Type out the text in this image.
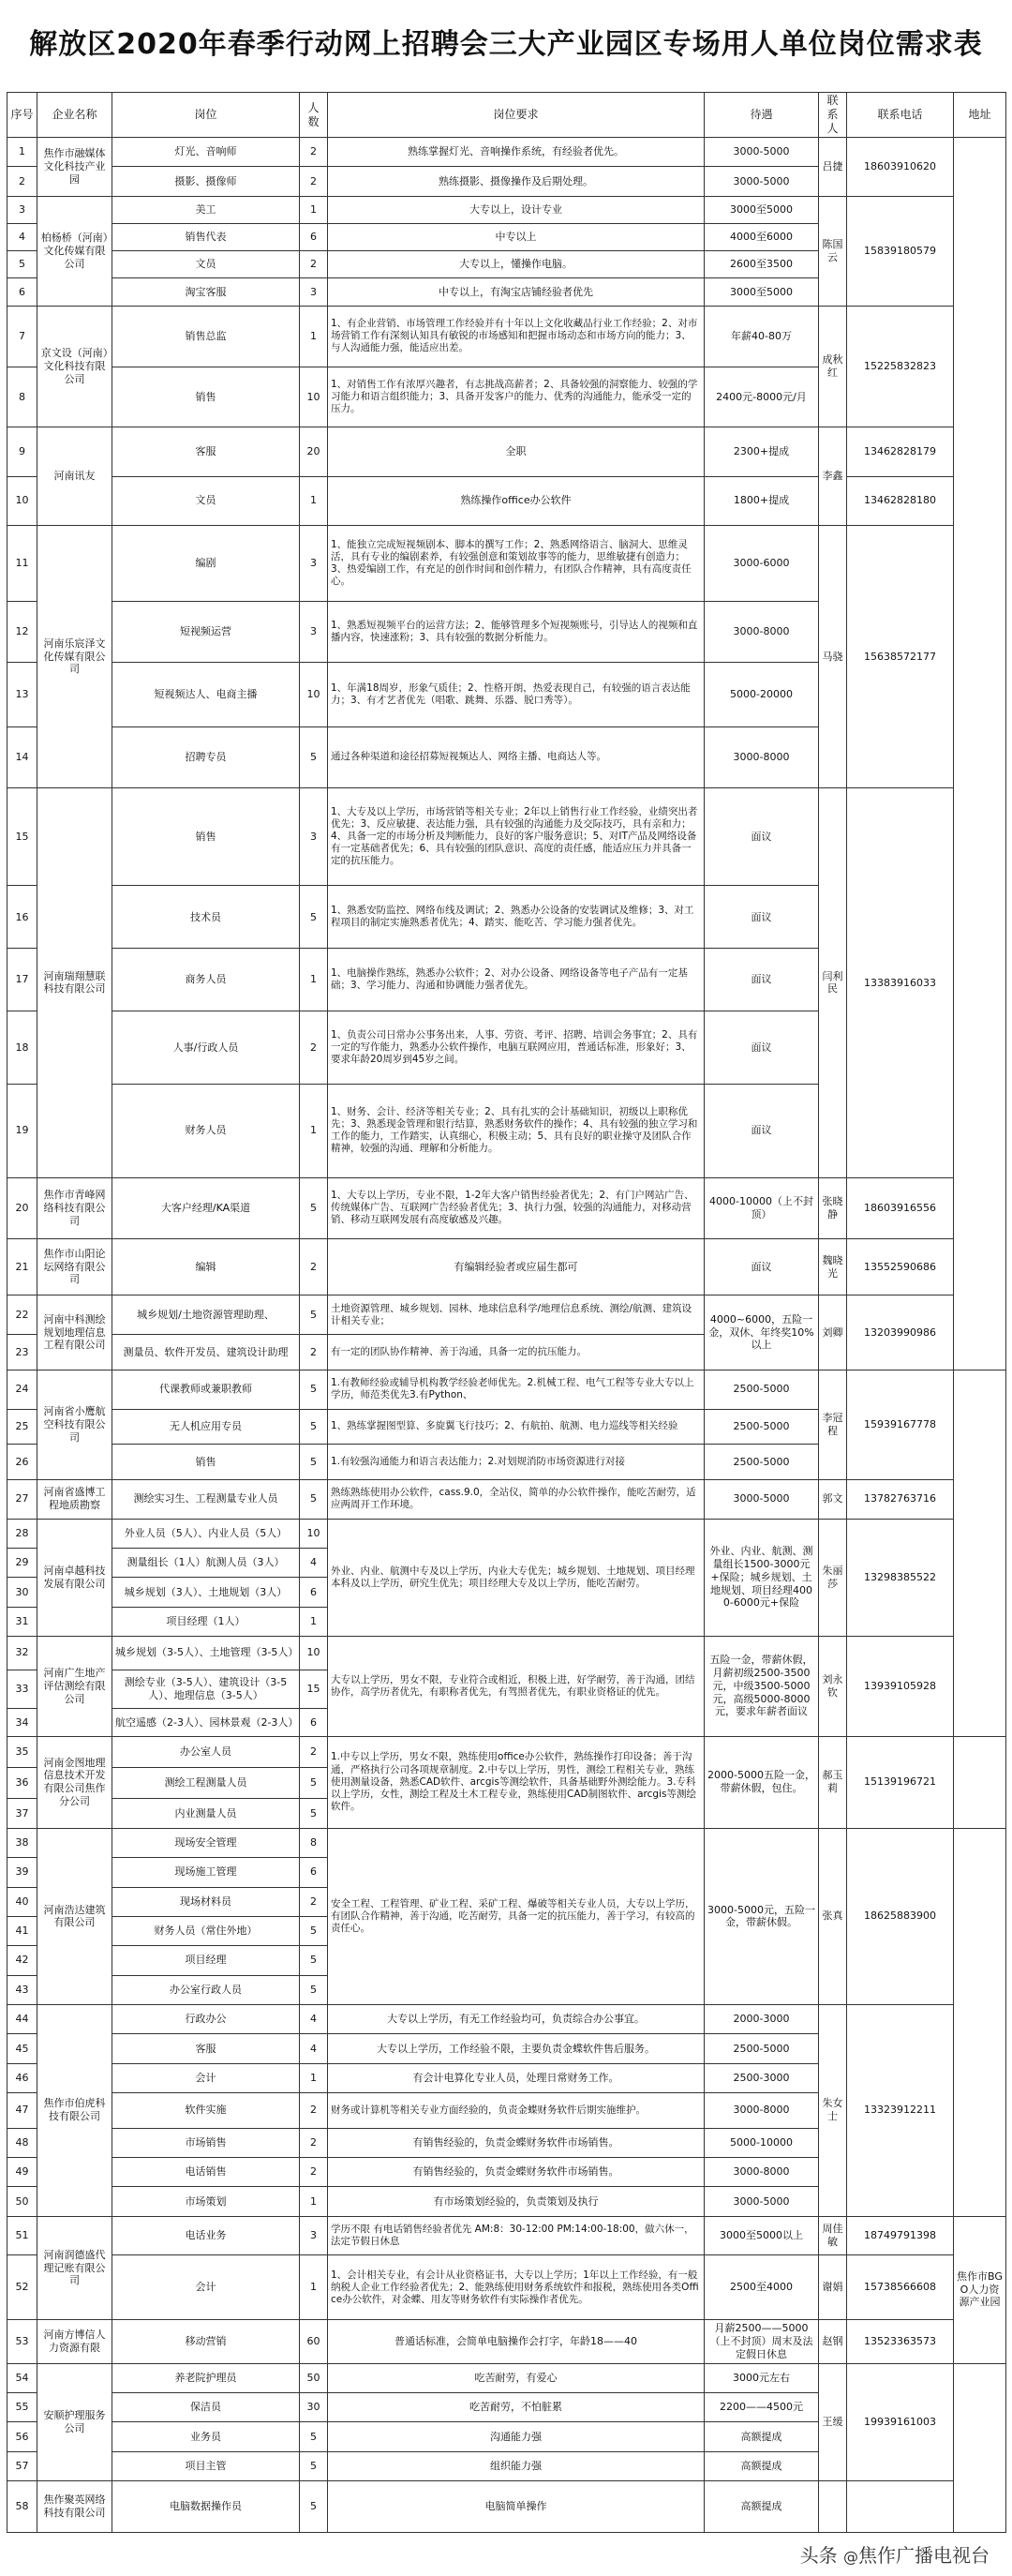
解放区2020年春季行动网上招聘会三大产业园区专场用人单位岗位需求表
序号	企业名称	岗位	人数	岗位要求	待遇	联系人	联系电话	地址	
1	焦作市融媒体文化科技产业园	灯光、音响师	2	熟练掌握灯光、音响操作系统，有经验者优先。	3000-5000	吕捷	18603910620		
2		摄影、摄像师	2	熟练摄影、摄像操作及后期处理。	3000-5000				
3	柏杨桥（河南）文化传媒有限公司	美工	1	大专以上，设计专业	3000至5000	陈国云	15839180579		
4		销售代表	6	中专以上	4000至6000				
5		文员	2	大专以上，懂操作电脑。	2600至3500				
6		淘宝客服	3	中专以上，有淘宝店铺经验者优先	3000至5000				
7	京文设（河南）文化科技有限公司	销售总监	1	1、有企业营销、市场管理工作经验并有十年以上文化收藏品行业工作经验；2、对市场营销工作有深刻认知具有敏锐的市场感知和把握市场动态和市场方向的能力；3、与人沟通能力强，能适应出差。	年薪40-80万	成秋红	15225832823		
8		销售	10	1、对销售工作有浓厚兴趣者，有志挑战高薪者；2、具备较强的洞察能力、较强的学习能力和语言组织能力；3、具备开发客户的能力、优秀的沟通能力，能承受一定的压力。	2400元-8000元/月				
9	河南讯友	客服	20	全职	2300+提成	李鑫	13462828179		
10		文员	1	熟练操作office办公软件	1800+提成		13462828180		
11	河南乐宸泽文化传媒有限公司	编剧	3	1、能独立完成短视频剧本、脚本的撰写工作；2、熟悉网络语言、脑洞大、思维灵活，具有专业的编剧素养，有较强创意和策划故事等的能力，思维敏捷有创造力；3、热爱编剧工作，有充足的创作时间和创作精力，有团队合作精神，具有高度责任心。	3000-6000	马骁	15638572177		
12		短视频运营	3	1、熟悉短视频平台的运营方法；2、能够管理多个短视频账号，引导达人的视频和直播内容，快速涨粉；3、具有较强的数据分析能力。	3000-8000				
13		短视频达人、电商主播	10	1、年满18周岁，形象气质佳；2、性格开朗，热爱表现自己，有较强的语言表达能力；3、有才艺者优先（唱歌、跳舞、乐器、脱口秀等）。	5000-20000				
14		招聘专员	5	通过各种渠道和途径招募短视频达人、网络主播、电商达人等。	3000-8000				
15	河南瑞翔慧联科技有限公司	销售	3	1、大专及以上学历，市场营销等相关专业；2年以上销售行业工作经验，业绩突出者优先；3、反应敏捷、表达能力强，具有较强的沟通能力及交际技巧，具有亲和力；4、具备一定的市场分析及判断能力，良好的客户服务意识；5、对IT产品及网络设备有一定基础者优先；6、具有较强的团队意识、高度的责任感，能适应压力并具备一定的抗压能力。	面议	闫利民	13383916033		
16		技术员	5	1、熟悉安防监控、网络布线及调试；2、熟悉办公设备的安装调试及维修；3、对工程项目的制定实施熟悉者优先；4、踏实、能吃苦、学习能力强者优先。	面议				
17		商务人员	1	1、电脑操作熟练，熟悉办公软件；2、对办公设备、网络设备等电子产品有一定基础；3、学习能力、沟通和协调能力强者优先。	面议				
18		人事/行政人员	2	1、负责公司日常办公事务出来，人事、劳资、考评、招聘、培训会务事宜；2、具有一定的写作能力，熟悉办公软件操作，电脑互联网应用，普通话标准，形象好；3、要求年龄20周岁到45岁之间。	面议				
19		财务人员	1	1、财务、会计、经济等相关专业；2、具有扎实的会计基础知识，初级以上职称优先；3、熟悉现金管理和银行结算，熟悉财务软件的操作；4、具有较强的独立学习和工作的能力，工作踏实，认真细心，积极主动；5、具有良好的职业操守及团队合作精神，较强的沟通、理解和分析能力。	面议				
20	焦作市青峰网络科技有限公司	大客户经理/KA渠道	5	1、大专以上学历，专业不限，1-2年大客户销售经验者优先；2、有门户网站广告、传统媒体广告、互联网广告经验者优先；3、执行力强，较强的沟通能力，对移动营销、移动互联网发展有高度敏感及兴趣。	4000-10000（上不封顶）	张晓静	18603916556		
21	焦作市山阳论坛网络有限公司	编辑	2	有编辑经验者或应届生都可	面议	魏晓光	13552590686		
22	河南中科测绘规划地理信息工程有限公司	城乡规划/土地资源管理助理、	5	土地资源管理、城乡规划、园林、地球信息科学/地理信息系统、测绘/航测、建筑设计相关专业；	4000~6000，五险一金，双休、年终奖10%以上	刘卿	13203990986		
23		测量员、软件开发员、建筑设计助理	2	有一定的团队协作精神、善于沟通，具备一定的抗压能力。					
24	河南省小鹰航空科技有限公司	代课教师或兼职教师	5	1.有教师经验或辅导机构教学经验老师优先。2.机械工程、电气工程等专业大专以上学历，师范类优先3.有Python、	2500-5000	李冠程	15939167778		
25		无人机应用专员	5	1、熟练掌握图型算、多旋翼飞行技巧；2、有航拍、航测、电力巡线等相关经验	2500-5000				
26		销售	5	1.有较强沟通能力和语言表达能力；2.对划规消防市场资源进行对接	2500-5000				
27	河南省盛博工程地质勘察	测绘实习生、工程测量专业人员	5	熟练熟练使用办公软件，cass.9.0，全站仪，简单的办公软件操作，能吃苦耐劳，适应两周开工作环境。	3000-5000	郭文	13782763716		
28	河南卓越科技发展有限公司	外业人员（5人）、内业人员（5人）	10	外业、内业、航测中专及以上学历，内业大专优先；城乡规划、土地规划、项目经理本科及以上学历，研究生优先；项目经理大专及以上学历，能吃苦耐劳。	外业、内业、航测、测量组长1500-3000元+保险；城乡规划、土地规划、项目经理4000-6000元+保险	朱丽莎	13298385522		
29		测量组长（1人）航测人员（3人）	4						
30		城乡规划（3人）、土地规划（3人）	6						
31		项目经理（1人）	1						
32	河南广生地产评估测绘有限公司	城乡规划（3-5人）、土地管理（3-5人）	10	大专以上学历，男女不限，专业符合或相近，积极上进，好学耐劳，善于沟通，团结协作，高学历者优先，有职称者优先，有驾照者优先，有职业资格证的优先。	五险一金，带薪休假，月薪初级2500-3500元，中级3500-5000元，高级5000-8000元，要求年薪者面议	刘永钦	13939105928	
33		测绘专业（3-5人）、建筑设计（3-5人）、地理信息（3-5人）	15						
34		航空遥感（2-3人）、园林景观（2-3人）	6						
35	河南金图地理信息技术开发有限公司焦作分公司	办公室人员	2	1.中专以上学历，男女不限，熟练使用office办公软件，熟练操作打印设备；善于沟通，严格执行公司各项规章制度。2.中专以上学历，男性，测绘工程相关专业，熟练使用测量设备，熟悉CAD软件、arcgis等测绘软件，具备基础野外测绘能力。3.专科以上学历，女性，测绘工程及土木工程专业，熟练使用CAD制图软件、arcgis等测绘软件。	2000-5000五险一金，带薪休假，包住。	郝玉莉	15139196721		
36		测绘工程测量人员	5						
37		内业测量人员	5						
38	河南浩达建筑有限公司	现场安全管理	8	安全工程、工程管理、矿业工程、采矿工程、爆破等相关专业人员，大专以上学历，有团队合作精神，善于沟通，吃苦耐劳，具备一定的抗压能力，善于学习，有较高的责任心。	3000-5000元，五险一金，带薪休假。	张真	18625883900		
39		现场施工管理	6						
40		现场材料员	2						
41		财务人员（常住外地）	5						
42		项目经理	5						
43		办公室行政人员	5						
44	焦作市伯虎科技有限公司	行政办公	4	大专以上学历，有无工作经验均可，负责综合办公事宜。	2000-3000	朱女士	13323912211		
45		客服	4	大专以上学历，工作经验不限，主要负责金蝶软件售后服务。	2500-5000				
46		会计	1	有会计电算化专业人员，处理日常财务工作。	2500-3000				
47		软件实施	2	财务或计算机等相关专业方面经验的，负责金蝶财务软件后期实施维护。	3000-8000				
48		市场销售	2	有销售经验的，负责金蝶财务软件市场销售。	5000-10000				
49		电话销售	2	有销售经验的，负责金蝶财务软件市场销售。	3000-8000				
50		市场策划	1	有市场策划经验的，负责策划及执行	3000-5000				
51	河南润德盛代理记账有限公司	电话业务	3	学历不限 有电话销售经验者优先 AM:8：30-12:00 PM:14:00-18:00，做六休一，法定节假日休息	3000至5000以上	周佳敏	18749791398	焦作市BGO人力资源产业园	
52		会计	1	1、会计相关专业，有会计从业资格证书，大专以上学历；1年以上工作经验，有一般纳税人企业工作经验者优先；2、能熟练使用财务系统软件和报税，熟练使用各类Office办公软件，对金蝶、用友等财务软件有实际操作者优先。	2500至4000	谢娟	15738566608		
53	河南方博信人力资源有限	移动营销	60	普通话标准，会简单电脑操作会打字，年龄18——40	月薪2500——5000（上不封顶）周末及法定假日休息	赵钢	13523363573		
54	安顺护理服务公司	养老院护理员	50	吃苦耐劳，有爱心	3000元左右	王缓	19939161003		
55		保洁员	30	吃苦耐劳，不怕脏累	2200——4500元				
56		业务员	5	沟通能力强	高额提成				
57		项目主管	5	组织能力强	高额提成				
58	焦作聚英网络科技有限公司	电脑数据操作员	5	电脑简单操作	高额提成				
头条 @焦作广播电视台
